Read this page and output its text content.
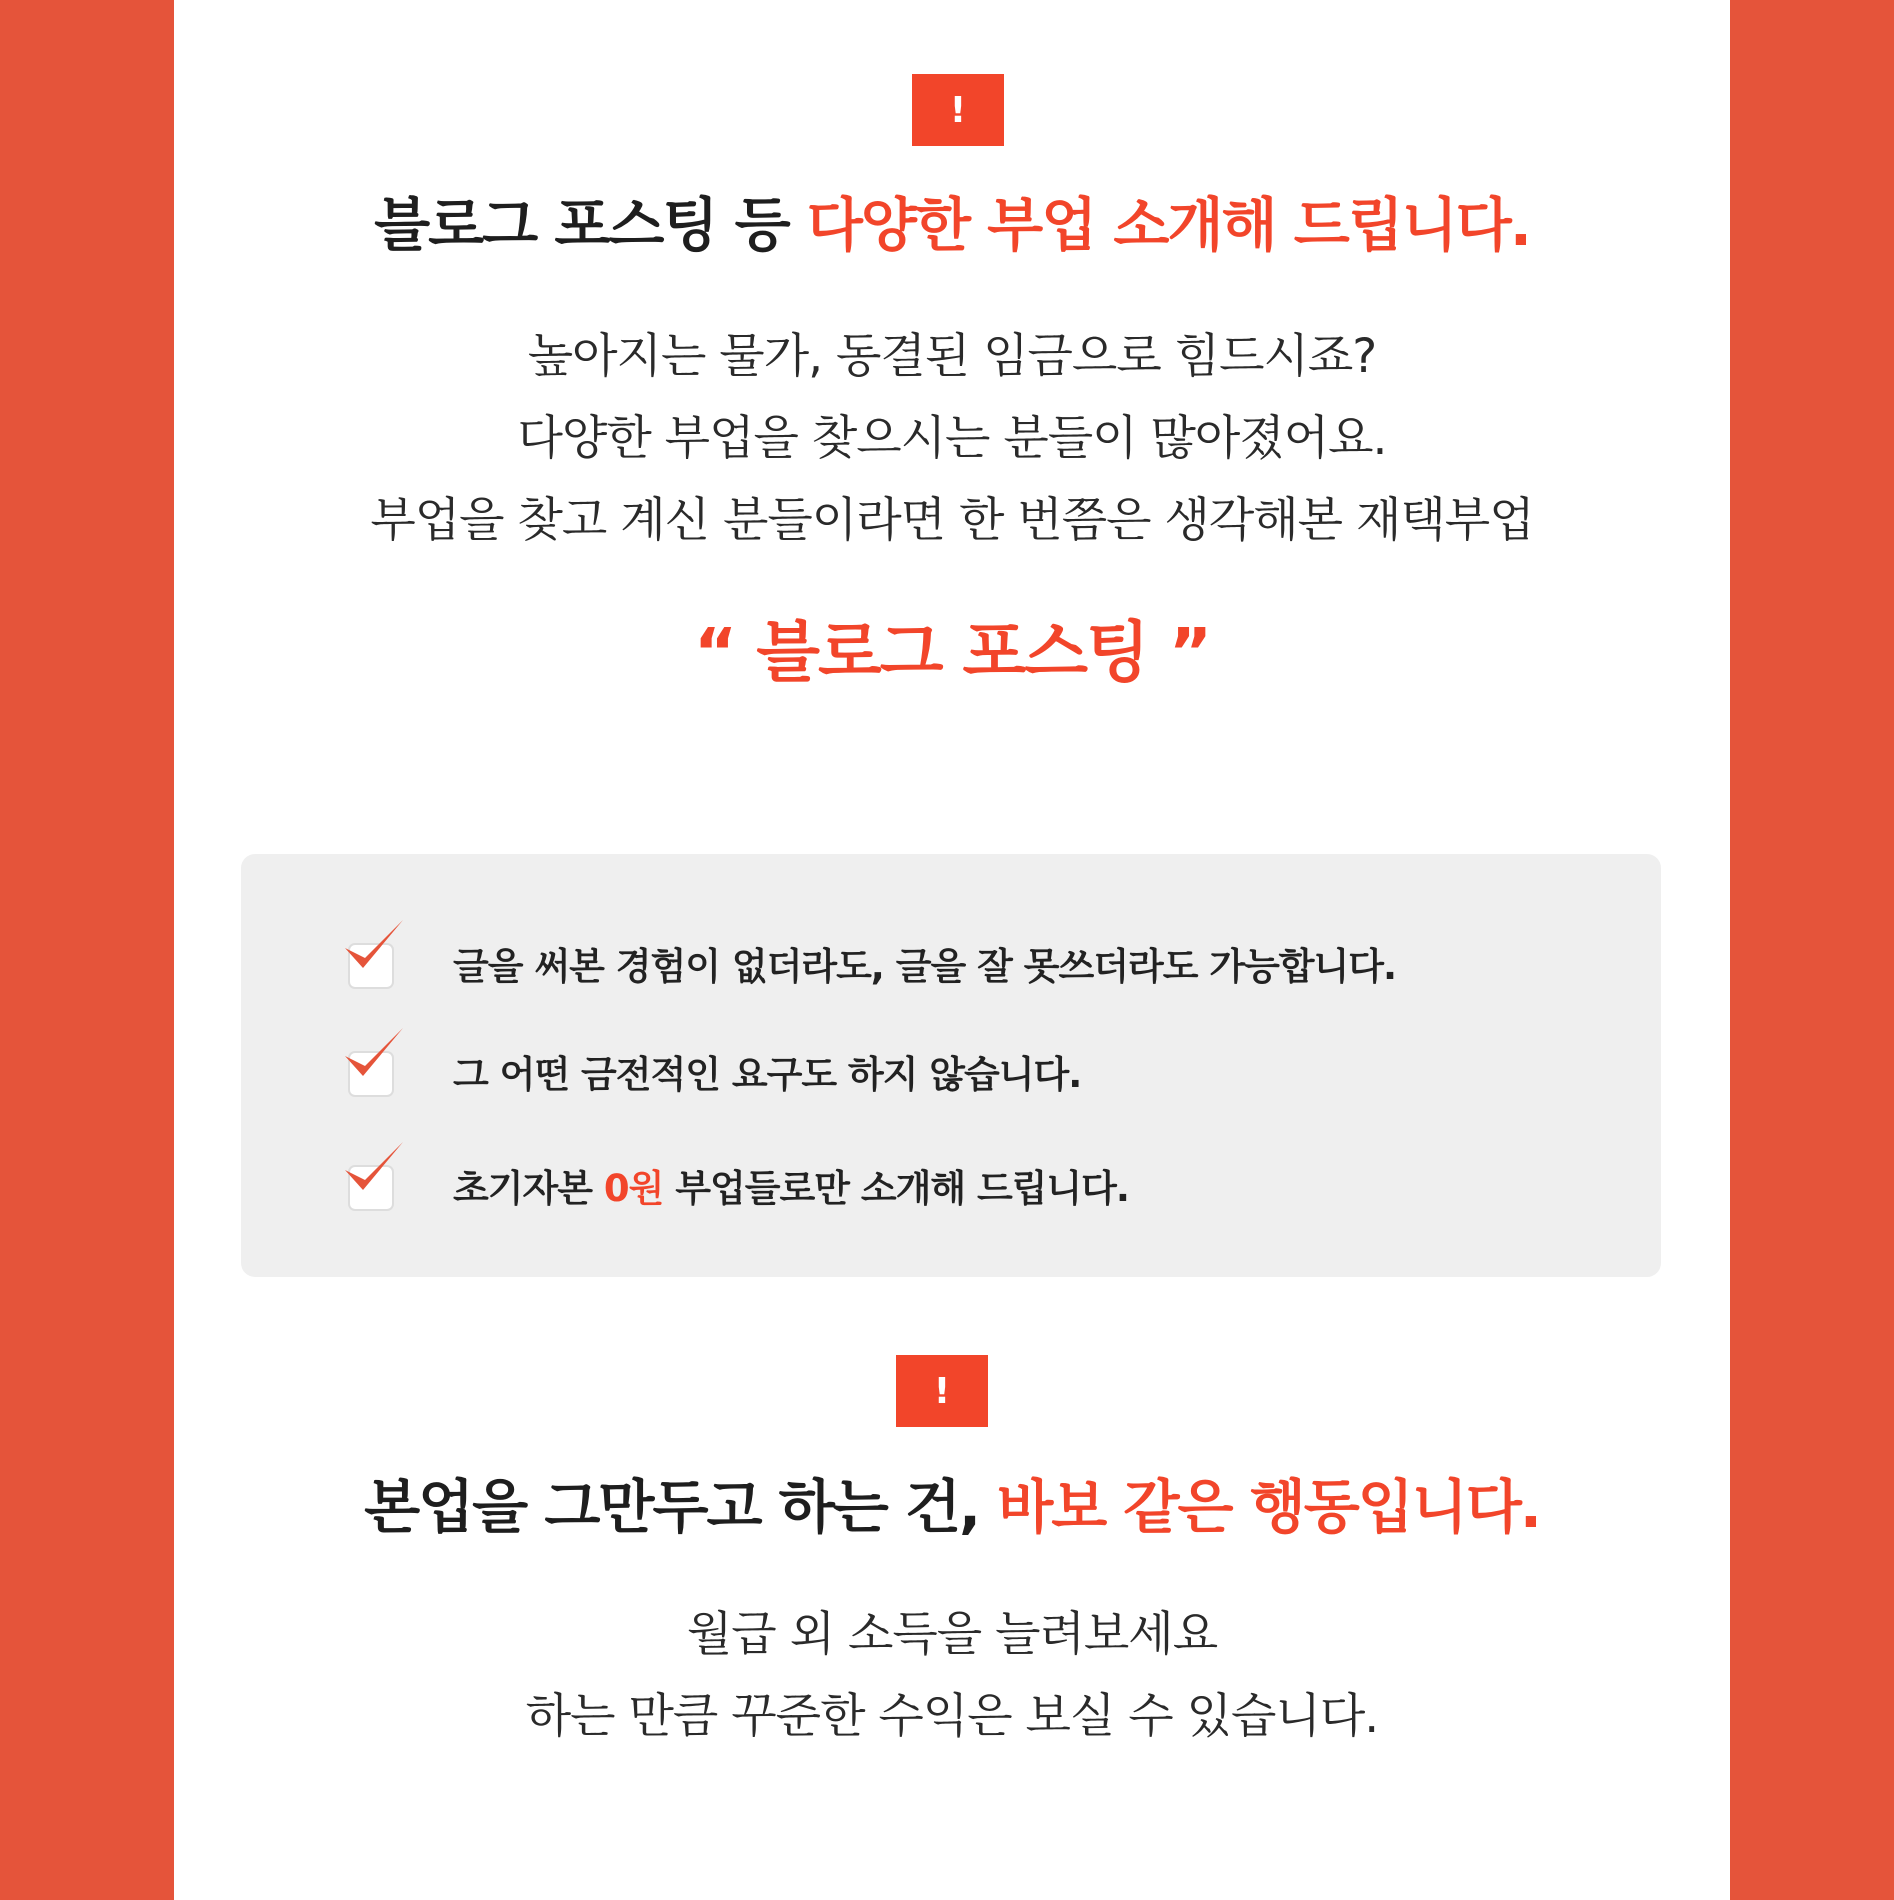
!
블로그 포스팅 등 다양한 부업 소개해 드립니다.
높아지는 물가, 동결된 임금으로 힘드시죠?
다양한 부업을 찾으시는 분들이 많아졌어요.
부업을 찾고 계신 분들이라면 한 번쯤은 생각해본 재택부업
“ 블로그 포스팅 ”
글을 써본 경험이 없더라도, 글을 잘 못쓰더라도 가능합니다.
그 어떤 금전적인 요구도 하지 않습니다.
초기자본 0원 부업들로만 소개해 드립니다.
!
본업을 그만두고 하는 건, 바보 같은 행동입니다.
월급 외 소득을 늘려보세요
하는 만큼 꾸준한 수익은 보실 수 있습니다.
